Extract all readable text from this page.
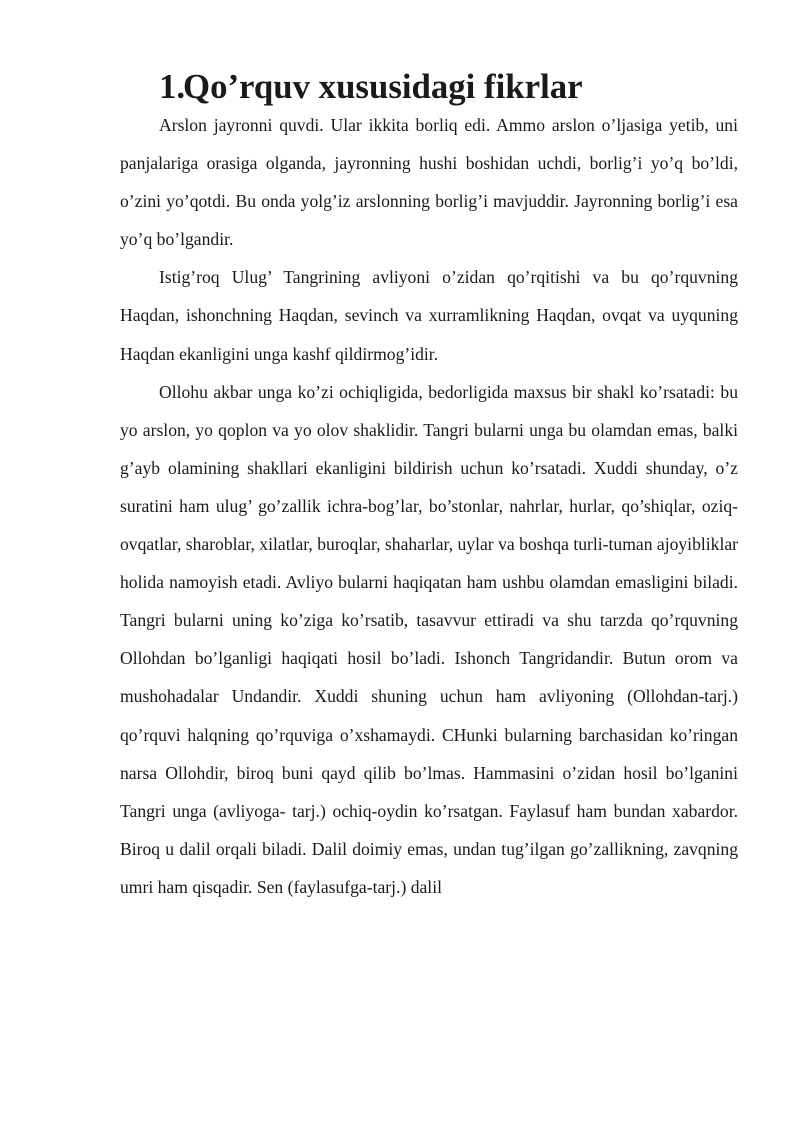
1.Qo’rquv xususidagi fikrlar

Arslon jayronni quvdi. Ular ikkita borliq edi. Ammo arslon o’ljasiga yetib, uni panjalariga orasiga olganda, jayronning hushi boshidan uchdi, borlig’i yo’q bo’ldi, o’zini yo’qotdi. Bu onda yolg’iz arslonning borlig’i mavjuddir. Jayronning borlig’i esa yo’q bo’lgandir.

Istig’roq Ulug’ Tangrining avliyoni o’zidan qo’rqitishi va bu qo’rquvning Haqdan, ishonchning Haqdan, sevinch va xurramlikning Haqdan, ovqat va uyquning Haqdan ekanligini unga kashf qildirmog’idir.

Ollohu akbar unga ko’zi ochiqligida, bedorligida maxsus bir shakl ko’rsatadi: bu yo arslon, yo qoplon va yo olov shaklidir. Tangri bularni unga bu olamdan emas, balki g’ayb olamining shakllari ekanligini bildirish uchun ko’rsatadi. Xuddi shunday, o’z suratini ham ulug’ go’zallik ichra-bog’lar, bo’stonlar, nahrlar, hurlar, qo’shiqlar, oziq-ovqatlar, sharoblar, xilatlar, buroqlar, shaharlar, uylar va boshqa turli-tuman ajoyibliklar holida namoyish etadi. Avliyo bularni haqiqatan ham ushbu olamdan emasligini biladi. Tangri bularni uning ko’ziga ko’rsatib, tasavvur ettiradi va shu tarzda qo’rquvning Ollohdan bo’lganligi haqiqati hosil bo’ladi. Ishonch Tangridandir. Butun orom va mushohadalar Undandir. Xuddi shuning uchun ham avliyoning (Ollohdan-tarj.) qo’rquvi halqning qo’rquviga o’xshamaydi. CHunki bularning barchasidan ko’ringan narsa Ollohdir, biroq buni qayd qilib bo’lmas. Hammasini o’zidan hosil bo’lganini Tangri unga (avliyoga- tarj.) ochiq-oydin ko’rsatgan. Faylasuf ham bundan xabardor. Biroq u dalil orqali biladi. Dalil doimiy emas, undan tug’ilgan go’zallikning, zavqning umri ham qisqadir. Sen (faylasufga-tarj.) dalil
